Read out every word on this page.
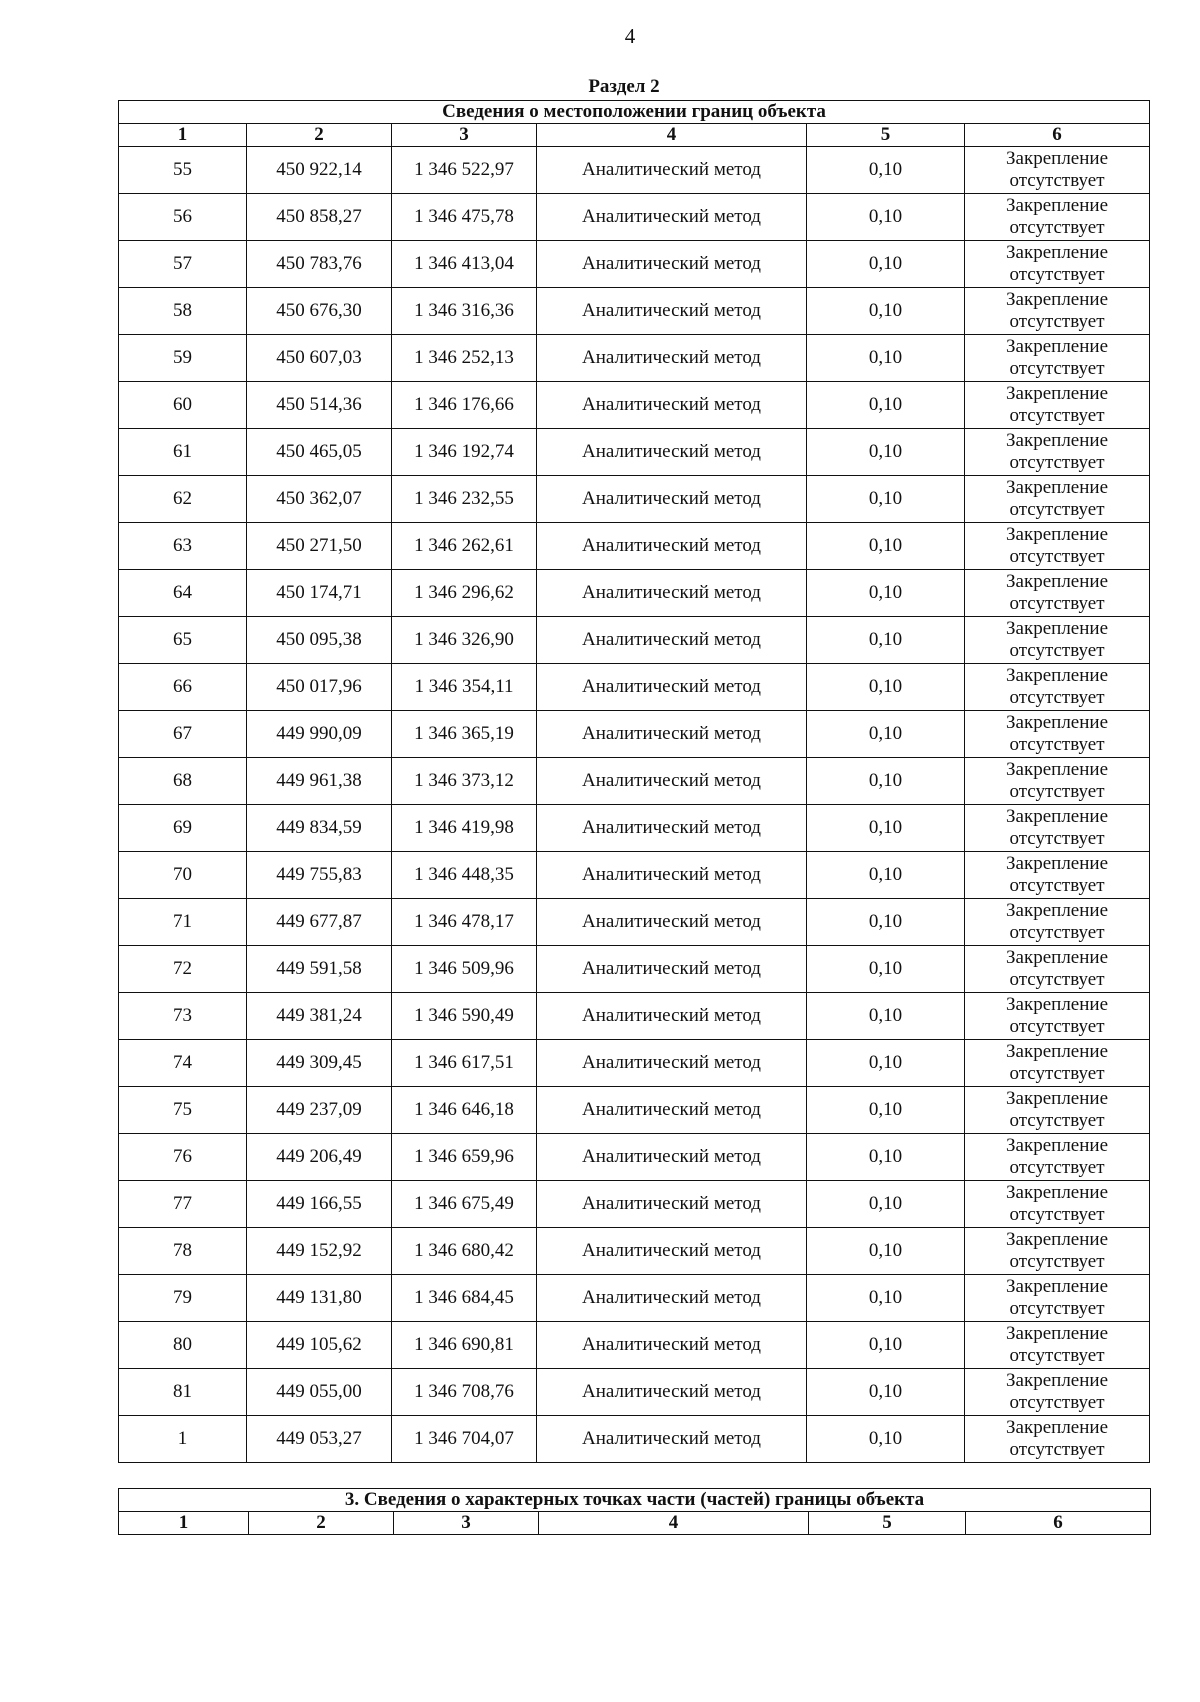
4
Раздел 2
Сведения о местоположении границ объекта					
1	2	3	4	5	6
55	450 922,14	1 346 522,97	Аналитический метод	0,10	Закрепление
отсутствует

56	450 858,27	1 346 475,78	Аналитический метод	0,10	Закрепление
отсутствует

57	450 783,76	1 346 413,04	Аналитический метод	0,10	Закрепление
отсутствует

58	450 676,30	1 346 316,36	Аналитический метод	0,10	Закрепление
отсутствует

59	450 607,03	1 346 252,13	Аналитический метод	0,10	Закрепление
отсутствует

60	450 514,36	1 346 176,66	Аналитический метод	0,10	Закрепление
отсутствует

61	450 465,05	1 346 192,74	Аналитический метод	0,10	Закрепление
отсутствует

62	450 362,07	1 346 232,55	Аналитический метод	0,10	Закрепление
отсутствует

63	450 271,50	1 346 262,61	Аналитический метод	0,10	Закрепление
отсутствует

64	450 174,71	1 346 296,62	Аналитический метод	0,10	Закрепление
отсутствует

65	450 095,38	1 346 326,90	Аналитический метод	0,10	Закрепление
отсутствует

66	450 017,96	1 346 354,11	Аналитический метод	0,10	Закрепление
отсутствует

67	449 990,09	1 346 365,19	Аналитический метод	0,10	Закрепление
отсутствует

68	449 961,38	1 346 373,12	Аналитический метод	0,10	Закрепление
отсутствует

69	449 834,59	1 346 419,98	Аналитический метод	0,10	Закрепление
отсутствует

70	449 755,83	1 346 448,35	Аналитический метод	0,10	Закрепление
отсутствует

71	449 677,87	1 346 478,17	Аналитический метод	0,10	Закрепление
отсутствует

72	449 591,58	1 346 509,96	Аналитический метод	0,10	Закрепление
отсутствует

73	449 381,24	1 346 590,49	Аналитический метод	0,10	Закрепление
отсутствует

74	449 309,45	1 346 617,51	Аналитический метод	0,10	Закрепление
отсутствует

75	449 237,09	1 346 646,18	Аналитический метод	0,10	Закрепление
отсутствует

76	449 206,49	1 346 659,96	Аналитический метод	0,10	Закрепление
отсутствует

77	449 166,55	1 346 675,49	Аналитический метод	0,10	Закрепление
отсутствует

78	449 152,92	1 346 680,42	Аналитический метод	0,10	Закрепление
отсутствует

79	449 131,80	1 346 684,45	Аналитический метод	0,10	Закрепление
отсутствует

80	449 105,62	1 346 690,81	Аналитический метод	0,10	Закрепление
отсутствует

81	449 055,00	1 346 708,76	Аналитический метод	0,10	Закрепление
отсутствует

1	449 053,27	1 346 704,07	Аналитический метод	0,10	Закрепление
отсутствует
3. Сведения о характерных точках части (частей) границы объекта
1	2	3	4	5	6
